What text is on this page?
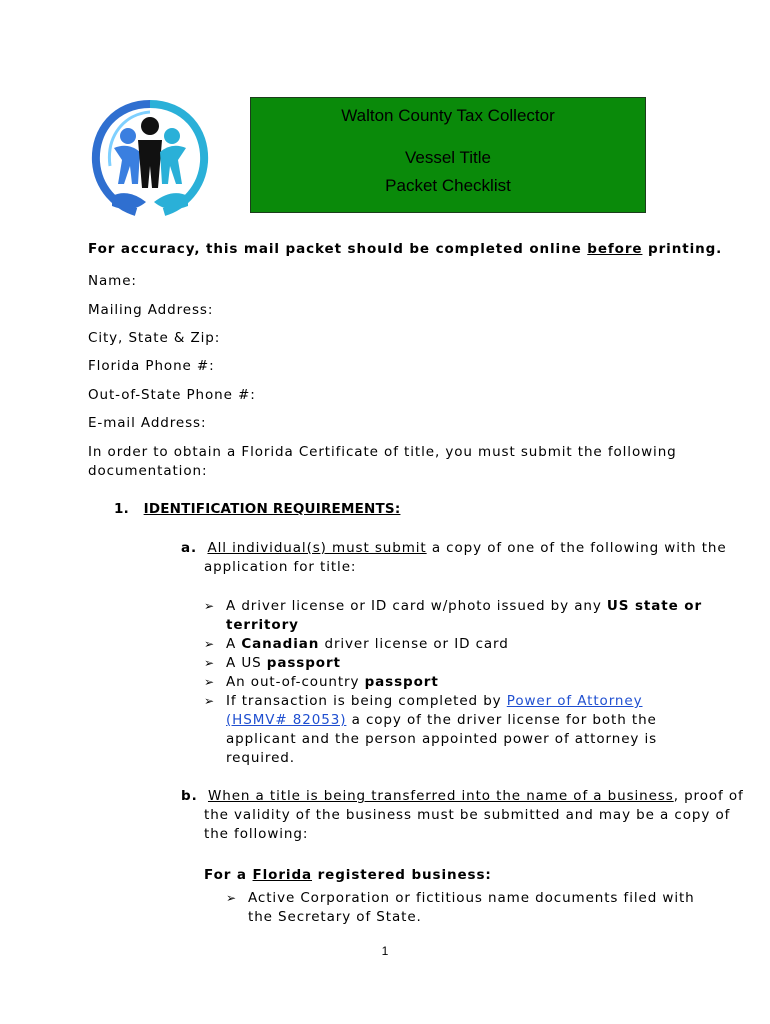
Walton County Tax Collector
Vessel Title
Packet Checklist
For accuracy, this mail packet should be completed online before printing.
Name:
Mailing Address:
City, State & Zip:
Florida Phone #:
Out-of-State Phone #:
E-mail Address:
In order to obtain a Florida Certificate of title, you must submit the following
documentation:
1. IDENTIFICATION REQUIREMENTS:
a. All individual(s) must submit a copy of one of the following with the
application for title:
➢ A driver license or ID card w/photo issued by any US state or
territory
➢ A Canadian driver license or ID card
➢ A US passport
➢ An out-of-country passport
➢ If transaction is being completed by Power of Attorney
(HSMV# 82053) a copy of the driver license for both the
applicant and the person appointed power of attorney is
required.
b. When a title is being transferred into the name of a business, proof of
the validity of the business must be submitted and may be a copy of
the following:
For a Florida registered business:
➢ Active Corporation or fictitious name documents filed with
the Secretary of State.
1
